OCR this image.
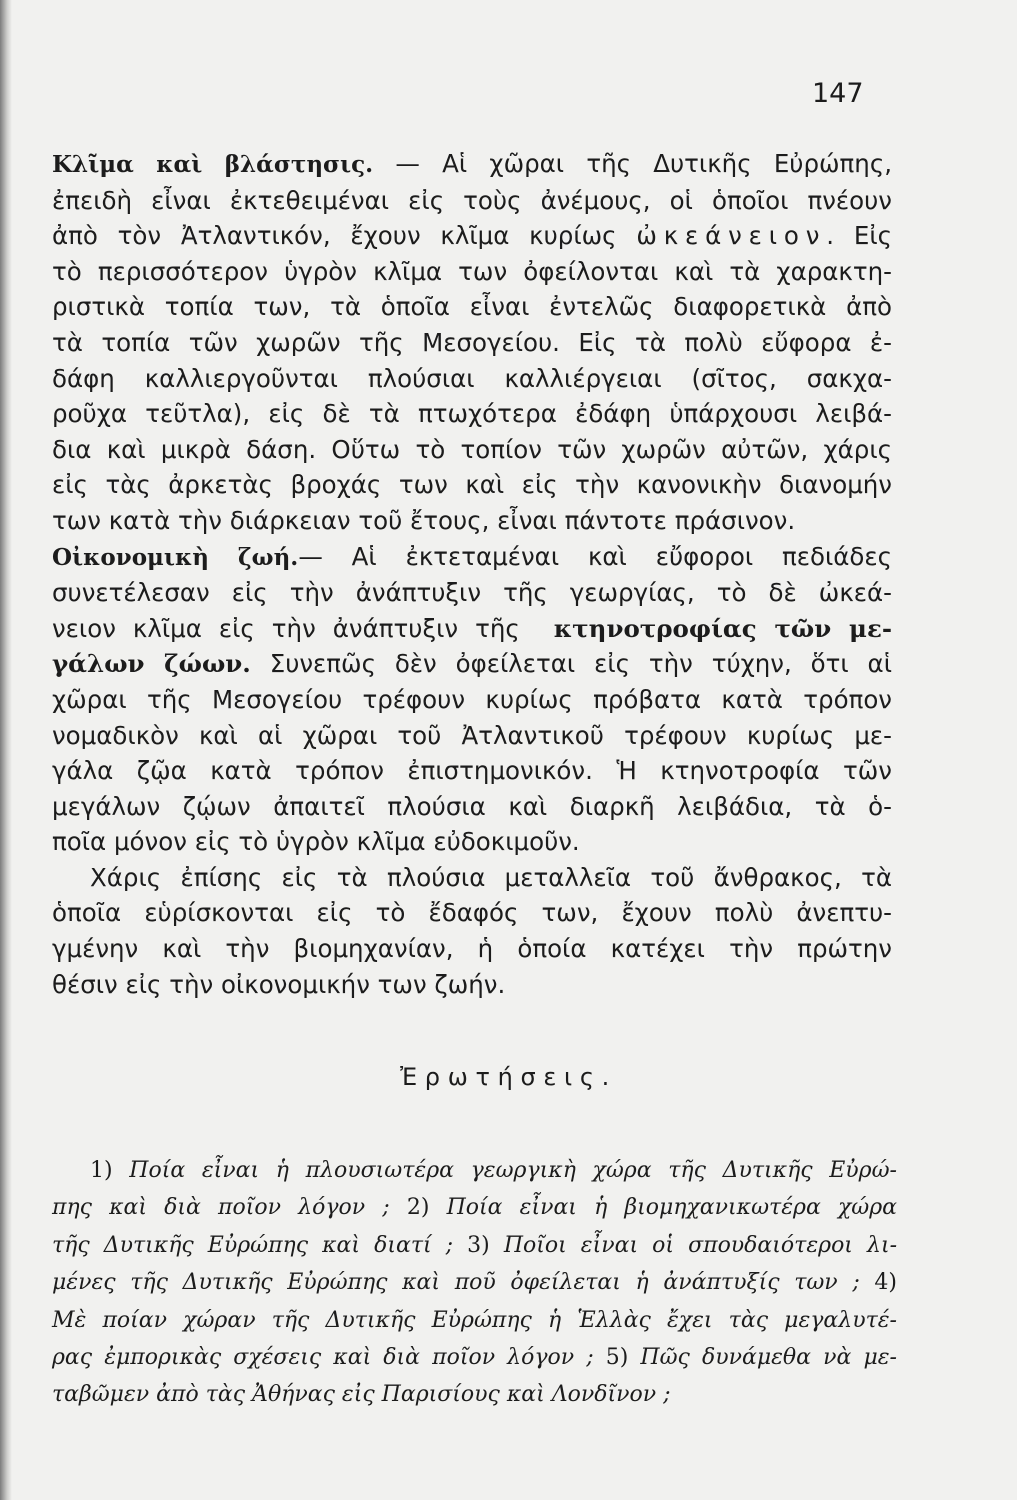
147
Κλῖμα καὶ βλάστησις. — Αἱ χῶραι τῆς Δυτικῆς Εὐρώπης,
ἐπειδὴ εἶναι ἐκτεθειμέναι εἰς τοὺς ἀνέμους, οἱ ὁποῖοι πνέουν
ἀπὸ τὸν Ἀτλαντικόν, ἔχουν κλῖμα κυρίως ὠκεάνειον. Εἰς
τὸ περισσότερον ὑγρὸν κλῖμα των ὀφείλονται καὶ τὰ χαρακτη-
ριστικὰ τοπία των, τὰ ὁποῖα εἶναι ἐντελῶς διαφορετικὰ ἀπὸ
τὰ τοπία τῶν χωρῶν τῆς Μεσογείου. Εἰς τὰ πολὺ εὔφορα ἐ-
δάφη καλλιεργοῦνται πλούσιαι καλλιέργειαι (σῖτος, σακχα-
ροῦχα τεῦτλα), εἰς δὲ τὰ πτωχότερα ἐδάφη ὑπάρχουσι λειβά-
δια καὶ μικρὰ δάση. Οὕτω τὸ τοπίον τῶν χωρῶν αὐτῶν, χάρις
εἰς τὰς ἀρκετὰς βροχάς των καὶ εἰς τὴν κανονικὴν διανομήν
των κατὰ τὴν διάρκειαν τοῦ ἔτους, εἶναι πάντοτε πράσινον.
Οἰκονομικὴ ζωή.— Αἱ ἐκτεταμέναι καὶ εὔφοροι πεδιάδες
συνετέλεσαν εἰς τὴν ἀνάπτυξιν τῆς γεωργίας, τὸ δὲ ὠκεά-
νειον κλῖμα εἰς τὴν ἀνάπτυξιν τῆς κτηνοτροφίας τῶν με-
γάλων ζώων. Συνεπῶς δὲν ὀφείλεται εἰς τὴν τύχην, ὅτι αἱ
χῶραι τῆς Μεσογείου τρέφουν κυρίως πρόβατα κατὰ τρόπον
νομαδικὸν καὶ αἱ χῶραι τοῦ Ἀτλαντικοῦ τρέφουν κυρίως με-
γάλα ζῷα κατὰ τρόπον ἐπιστημονικόν. Ἡ κτηνοτροφία τῶν
μεγάλων ζῴων ἀπαιτεῖ πλούσια καὶ διαρκῆ λειβάδια, τὰ ὁ-
ποῖα μόνον εἰς τὸ ὑγρὸν κλῖμα εὐδοκιμοῦν.
Χάρις ἐπίσης εἰς τὰ πλούσια μεταλλεῖα τοῦ ἄνθρακος, τὰ
ὁποῖα εὑρίσκονται εἰς τὸ ἔδαφός των, ἔχουν πολὺ ἀνεπτυ-
γμένην καὶ τὴν βιομηχανίαν, ἡ ὁποία κατέχει τὴν πρώτην
θέσιν εἰς τὴν οἰκονομικήν των ζωήν.
Ἐρωτήσεις.
1) Ποία εἶναι ἡ πλουσιωτέρα γεωργικὴ χώρα τῆς Δυτικῆς Εὐρώ-
πης καὶ διὰ ποῖον λόγον ; 2) Ποία εἶναι ἡ βιομηχανικωτέρα χώρα
τῆς Δυτικῆς Εὐρώπης καὶ διατί ; 3) Ποῖοι εἶναι οἱ σπουδαιότεροι λι-
μένες τῆς Δυτικῆς Εὐρώπης καὶ ποῦ ὀφείλεται ἡ ἀνάπτυξίς των ; 4)
Μὲ ποίαν χώραν τῆς Δυτικῆς Εὐρώπης ἡ Ἑλλὰς ἔχει τὰς μεγαλυτέ-
ρας ἐμπορικὰς σχέσεις καὶ διὰ ποῖον λόγον ; 5) Πῶς δυνάμεθα νὰ με-
ταβῶμεν ἀπὸ τὰς Ἀθήνας εἰς Παρισίους καὶ Λονδῖνον ;
